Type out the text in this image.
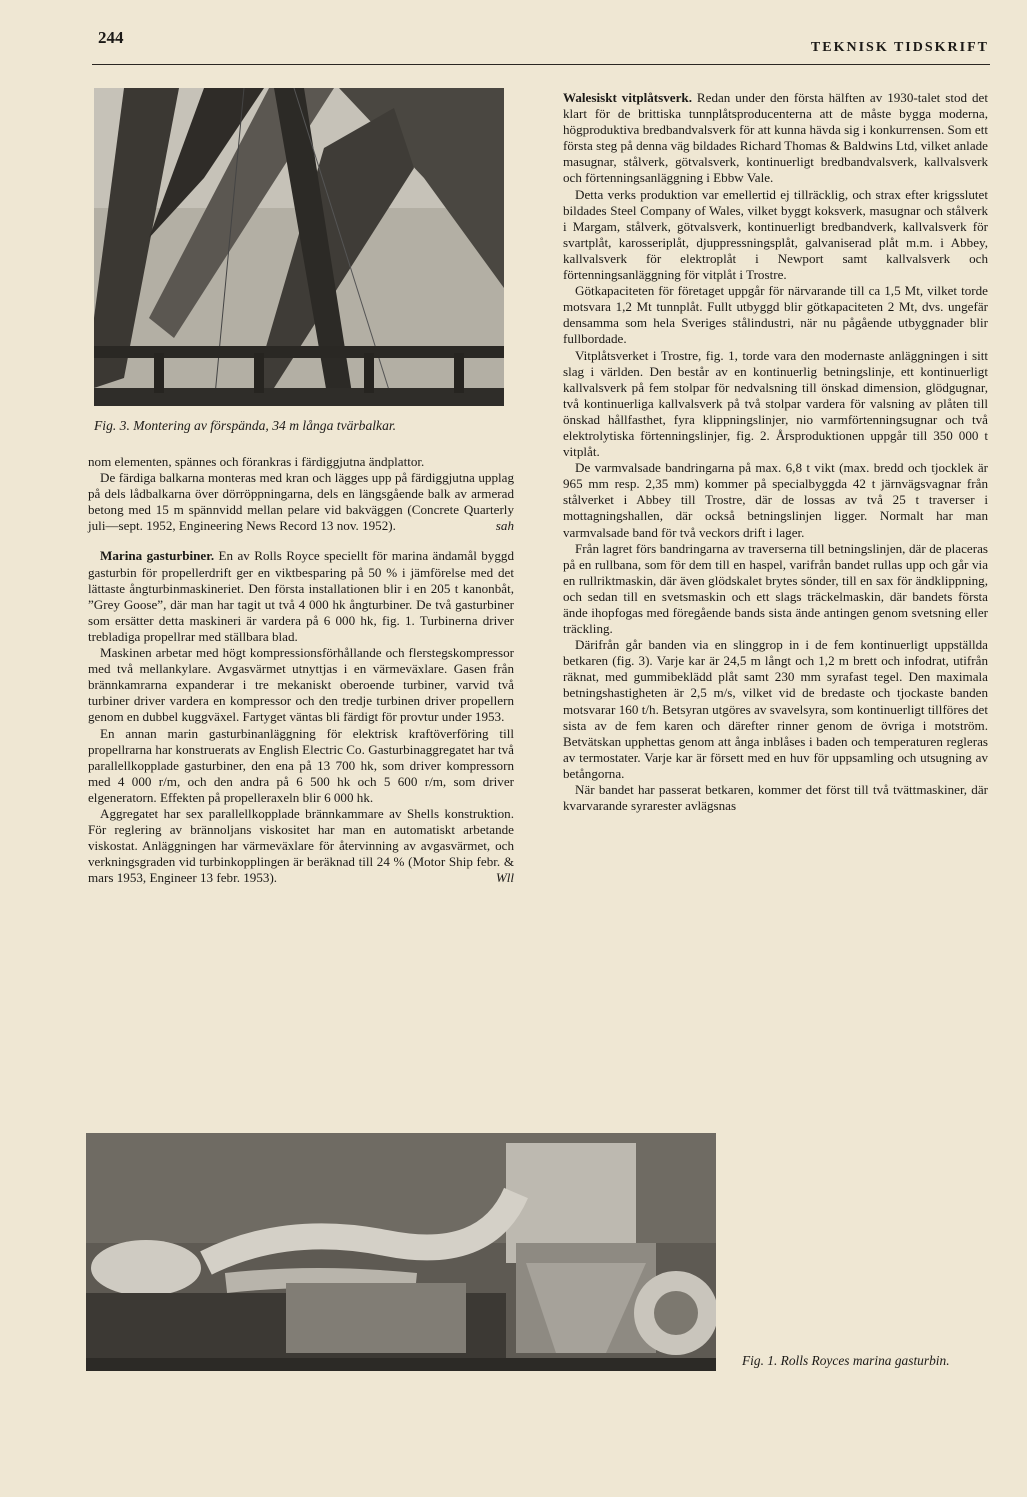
244
TEKNISK TIDSKRIFT
Fig. 3. Montering av förspända, 34 m långa tvärbalkar.

nom elementen, spännes och förankras i färdiggjutna ändplattor.

De färdiga balkarna monteras med kran och lägges upp på färdiggjutna upplag på dels lådbalkarna över dörröppningarna, dels en längsgående balk av armerad betong med 15 m spännvidd mellan pelare vid bakväggen (Concrete Quarterly juli—sept. 1952, Engineering News Record 13 nov. 1952).	sah

Marina gasturbiner. En av Rolls Royce speciellt för marina ändamål byggd gasturbin för propellerdrift ger en viktbesparing på 50 % i jämförelse med det lättaste ångturbinmaskineriet. Den första installationen blir i en 205 t kanonbåt, ”Grey Goose”, där man har tagit ut två 4 000 hk ångturbiner. De två gasturbiner som ersätter detta maskineri är vardera på 6 000 hk, fig. 1. Turbinerna driver trebladiga propellrar med ställbara blad.

Maskinen arbetar med högt kompressionsförhållande och flerstegskompressor med två mellankylare. Avgasvärmet utnyttjas i en värmeväxlare. Gasen från brännkamrarna expanderar i tre mekaniskt oberoende turbiner, varvid två turbiner driver vardera en kompressor och den tredje turbinen driver propellern genom en dubbel kuggväxel. Fartyget väntas bli färdigt för provtur under 1953.

En annan marin gasturbinanläggning för elektrisk kraftöverföring till propellrarna har konstruerats av English Electric Co. Gasturbinaggregatet har två parallellkopplade gasturbiner, den ena på 13 700 hk, som driver kompressorn med 4 000 r/m, och den andra på 6 500 hk och 5 600 r/m, som driver elgeneratorn. Effekten på propelleraxeln blir 6 000 hk.

Aggregatet har sex parallellkopplade brännkammare av Shells konstruktion. För reglering av brännoljans viskositet har man en automatiskt arbetande viskostat. Anläggningen har värmeväxlare för återvinning av avgasvärmet, och verkningsgraden vid turbinkopplingen är beräknad till 24 % (Motor Ship febr. & mars 1953, Engineer 13 febr. 1953).	Wll

Walesiskt vitplåtsverk. Redan under den första hälften av 1930-talet stod det klart för de brittiska tunnplåtsproducenterna att de måste bygga moderna, högproduktiva bredbandvalsverk för att kunna hävda sig i konkurrensen. Som ett första steg på denna väg bildades Richard Thomas & Baldwins Ltd, vilket anlade masugnar, stålverk, götvalsverk, kontinuerligt bredbandvalsverk, kallvalsverk och förtenningsanläggning i Ebbw Vale.

Detta verks produktion var emellertid ej tillräcklig, och strax efter krigsslutet bildades Steel Company of Wales, vilket byggt koksverk, masugnar och stålverk i Margam, stålverk, götvalsverk, kontinuerligt bredbandverk, kallvalsverk för svartplåt, karosseriplåt, djuppressningsplåt, galvaniserad plåt m.m. i Abbey, kallvalsverk för elektroplåt i Newport samt kallvalsverk och förtenningsanläggning för vitplåt i Trostre.

Götkapaciteten för företaget uppgår för närvarande till ca 1,5 Mt, vilket torde motsvara 1,2 Mt tunnplåt. Fullt utbyggd blir götkapaciteten 2 Mt, dvs. ungefär densamma som hela Sveriges stålindustri, när nu pågående utbyggnader blir fullbordade.

Vitplåtsverket i Trostre, fig. 1, torde vara den modernaste anläggningen i sitt slag i världen. Den består av en kontinuerlig betningslinje, ett kontinuerligt kallvalsverk på fem stolpar för nedvalsning till önskad dimension, glödgugnar, två kontinuerliga kallvalsverk på två stolpar vardera för valsning av plåten till önskad hållfasthet, fyra klippningslinjer, nio varmförtenningsugnar och två elektrolytiska förtenningslinjer, fig. 2. Årsproduktionen uppgår till 350 000 t vitplåt.

De varmvalsade bandringarna på max. 6,8 t vikt (max. bredd och tjocklek är 965 mm resp. 2,35 mm) kommer på specialbyggda 42 t järnvägsvagnar från stålverket i Abbey till Trostre, där de lossas av två 25 t traverser i mottagningshallen, där också betningslinjen ligger. Normalt har man varmvalsade band för två veckors drift i lager.

Från lagret förs bandringarna av traverserna till betningslinjen, där de placeras på en rullbana, som för dem till en haspel, varifrån bandet rullas upp och går via en rullriktmaskin, där även glödskalet brytes sönder, till en sax för ändklippning, och sedan till en svetsmaskin och ett slags träckelmaskin, där bandets första ände ihopfogas med föregående bands sista ände antingen genom svetsning eller träckling.

Därifrån går banden via en slinggrop in i de fem kontinuerligt uppställda betkaren (fig. 3). Varje kar är 24,5 m långt och 1,2 m brett och infodrat, utifrån räknat, med gummibeklädd plåt samt 230 mm syrafast tegel. Den maximala betningshastigheten är 2,5 m/s, vilket vid de bredaste och tjockaste banden motsvarar 160 t/h. Betsyran utgöres av svavelsyra, som kontinuerligt tillföres det sista av de fem karen och därefter rinner genom de övriga i motström. Betvätskan upphettas genom att ånga inblåses i baden och temperaturen regleras av termostater. Varje kar är försett med en huv för uppsamling och utsugning av betångorna.

När bandet har passerat betkaren, kommer det först till två tvättmaskiner, där kvarvarande syrarester avlägsnas

Fig. 1. Rolls Royces marina gasturbin.
